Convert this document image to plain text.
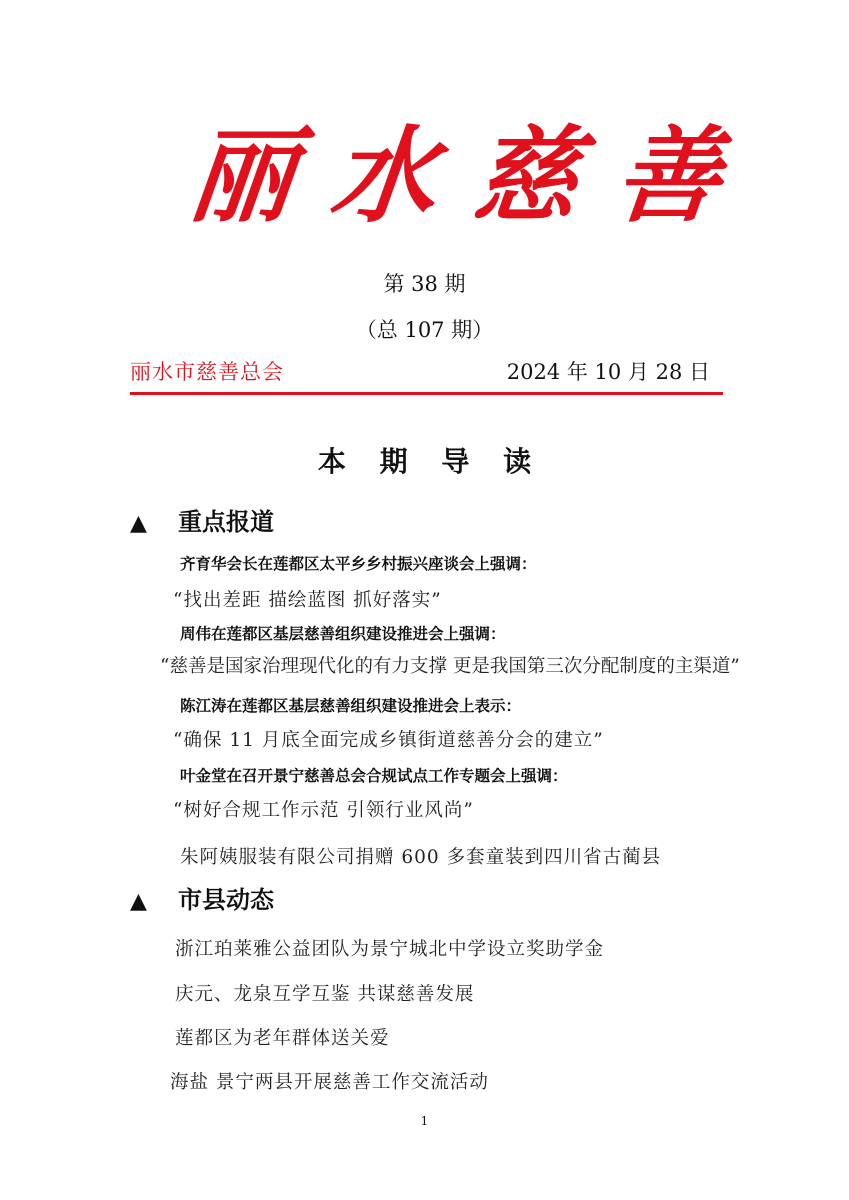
丽 水 慈 善
第 38 期
（总 107 期）
丽水市慈善总会	2024 年 10 月 28 日
本 期 导 读
▲ 重点报道
齐育华会长在莲都区太平乡乡村振兴座谈会上强调：
“找出差距 描绘蓝图 抓好落实”
周伟在莲都区基层慈善组织建设推进会上强调：
“慈善是国家治理现代化的有力支撑 更是我国第三次分配制度的主渠道”
陈江涛在莲都区基层慈善组织建设推进会上表示：
“确保 11 月底全面完成乡镇街道慈善分会的建立”
叶金堂在召开景宁慈善总会合规试点工作专题会上强调：
“树好合规工作示范 引领行业风尚”
朱阿姨服装有限公司捐赠 600 多套童装到四川省古蔺县
▲ 市县动态
浙江珀莱雅公益团队为景宁城北中学设立奖助学金
庆元、龙泉互学互鉴 共谋慈善发展
莲都区为老年群体送关爱
海盐 景宁两县开展慈善工作交流活动
1
